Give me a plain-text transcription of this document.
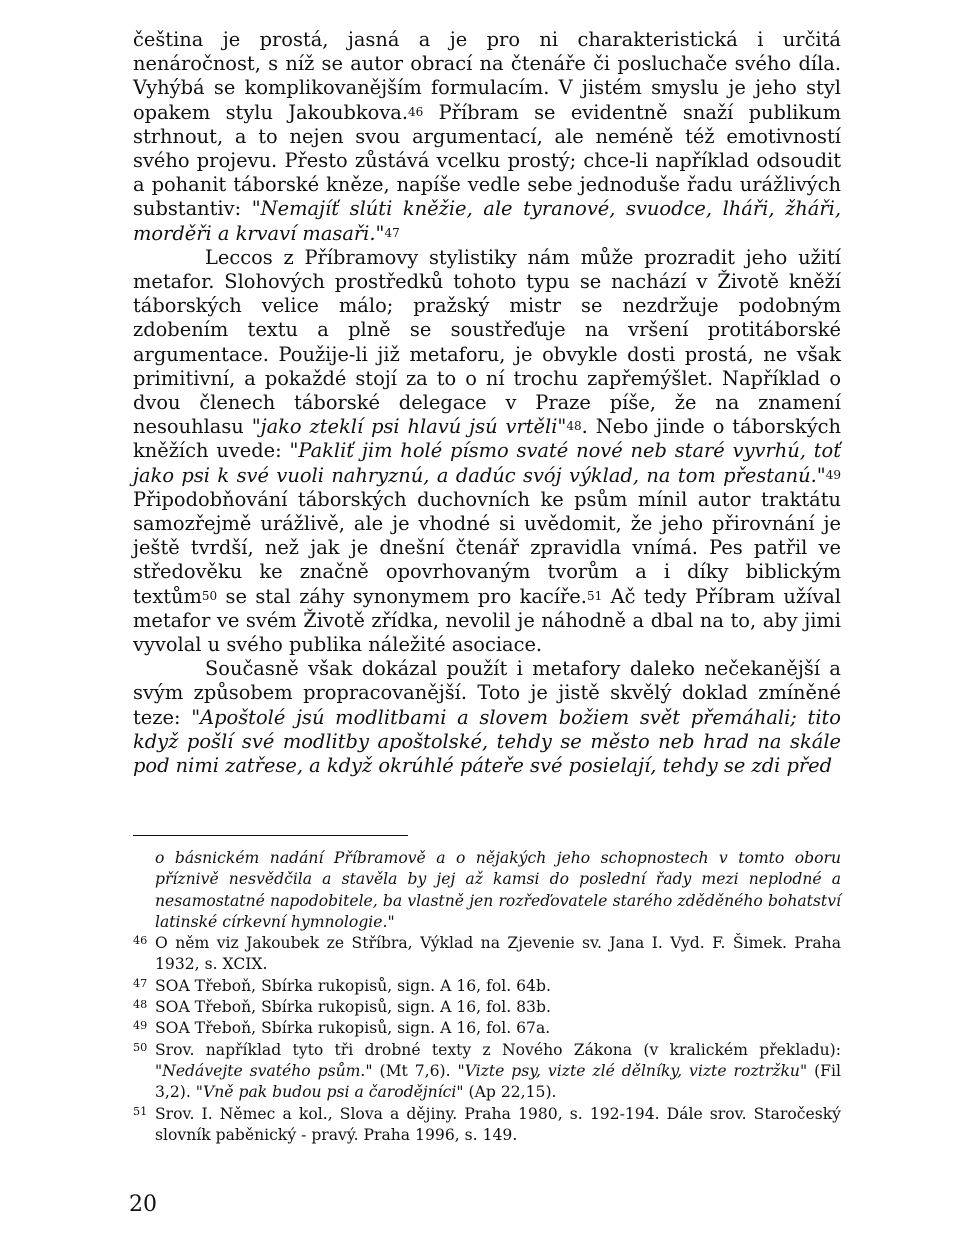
čeština je prostá, jasná a je pro ni charakteristická i určitá nenáročnost, s níž se autor obrací na čtenáře či posluchače svého díla. Vyhýbá se komplikovanějším formulacím. V jistém smyslu je jeho styl opakem stylu Jakoubkova.$^{46}$ Příbram se evidentně snaží publikum strhnout, a to nejen svou argumentací, ale neméně též emotivností svého projevu. Přesto zůstává vcelku prostý; chce-li například odsoudit a pohanit táborské kněze, napíše vedle sebe jednoduše řadu urážlivých substantiv: "Nemajíť slúti kněžie, ale tyranové, svuodce, lháři, žháři, morděři a krvaví masaři."$^{47}$

Leccos z Příbramovy stylistiky nám může prozradit jeho užití metafor. Slohových prostředků tohoto typu se nachází v Životě kněží táborských velice málo; pražský mistr se nezdržuje podobným zdobením textu a plně se soustřeďuje na vršení protitáborské argumentace. Použije-li již metaforu, je obvykle dosti prostá, ne však primitivní, a pokaždé stojí za to o ní trochu zapřemýšlet. Například o dvou členech táborské delegace v Praze píše, že na znamení nesouhlasu "jako zteklí psi hlavú jsú vrtěli"$^{48}$. Nebo jinde o táborských kněžích uvede: "Pakliť jim holé písmo svaté nové neb staré vyvrhú, toť jako psi k své vuoli nahryznú, a dadúc svój výklad, na tom přestanú."$^{49}$ Připodobňování táborských duchovních ke psům mínil autor traktátu samozřejmě urážlivě, ale je vhodné si uvědomit, že jeho přirovnání je ještě tvrdší, než jak je dnešní čtenář zpravidla vnímá. Pes patřil ve středověku ke značně opovrhovaným tvorům a i díky biblickým textům$^{50}$ se stal záhy synonymem pro kacíře.$^{51}$ Ač tedy Příbram užíval metafor ve svém Životě zřídka, nevolil je náhodně a dbal na to, aby jimi vyvolal u svého publika náležité asociace.

Současně však dokázal použít i metafory daleko nečekanější a svým způsobem propracovanější. Toto je jistě skvělý doklad zmíněné teze: "Apoštolé jsú modlitbami a slovem božiem svět přemáhali; tito když pošlí své modlitby apoštolské, tehdy se město neb hrad na skále pod nimi zatřese, a když okrúhlé páteře své posielají, tehdy se zdi před

o básnickém nadání Příbramově a o nějakých jeho schopnostech v tomto oboru příznivě nesvědčila a stavěla by jej až kamsi do poslední řady mezi neplodné a nesamostatné napodobitele, ba vlastně jen rozřeďovatele starého zděděného bohatství latinské církevní hymnologie."
46 O něm viz Jakoubek ze Stříbra, Výklad na Zjevenie sv. Jana I. Vyd. F. Šimek. Praha 1932, s. XCIX.
47 SOA Třeboň, Sbírka rukopisů, sign. A 16, fol. 64b.
48 SOA Třeboň, Sbírka rukopisů, sign. A 16, fol. 83b.
49 SOA Třeboň, Sbírka rukopisů, sign. A 16, fol. 67a.
50 Srov. například tyto tři drobné texty z Nového Zákona (v kralickém překladu): "Nedávejte svatého psům." (Mt 7,6). "Vizte psy, vizte zlé dělníky, vizte roztržku" (Fil 3,2). "Vně pak budou psi a čarodějníci" (Ap 22,15).
51 Srov. I. Němec a kol., Slova a dějiny. Praha 1980, s. 192-194. Dále srov. Staročeský slovník paběnický - pravý. Praha 1996, s. 149.
20
